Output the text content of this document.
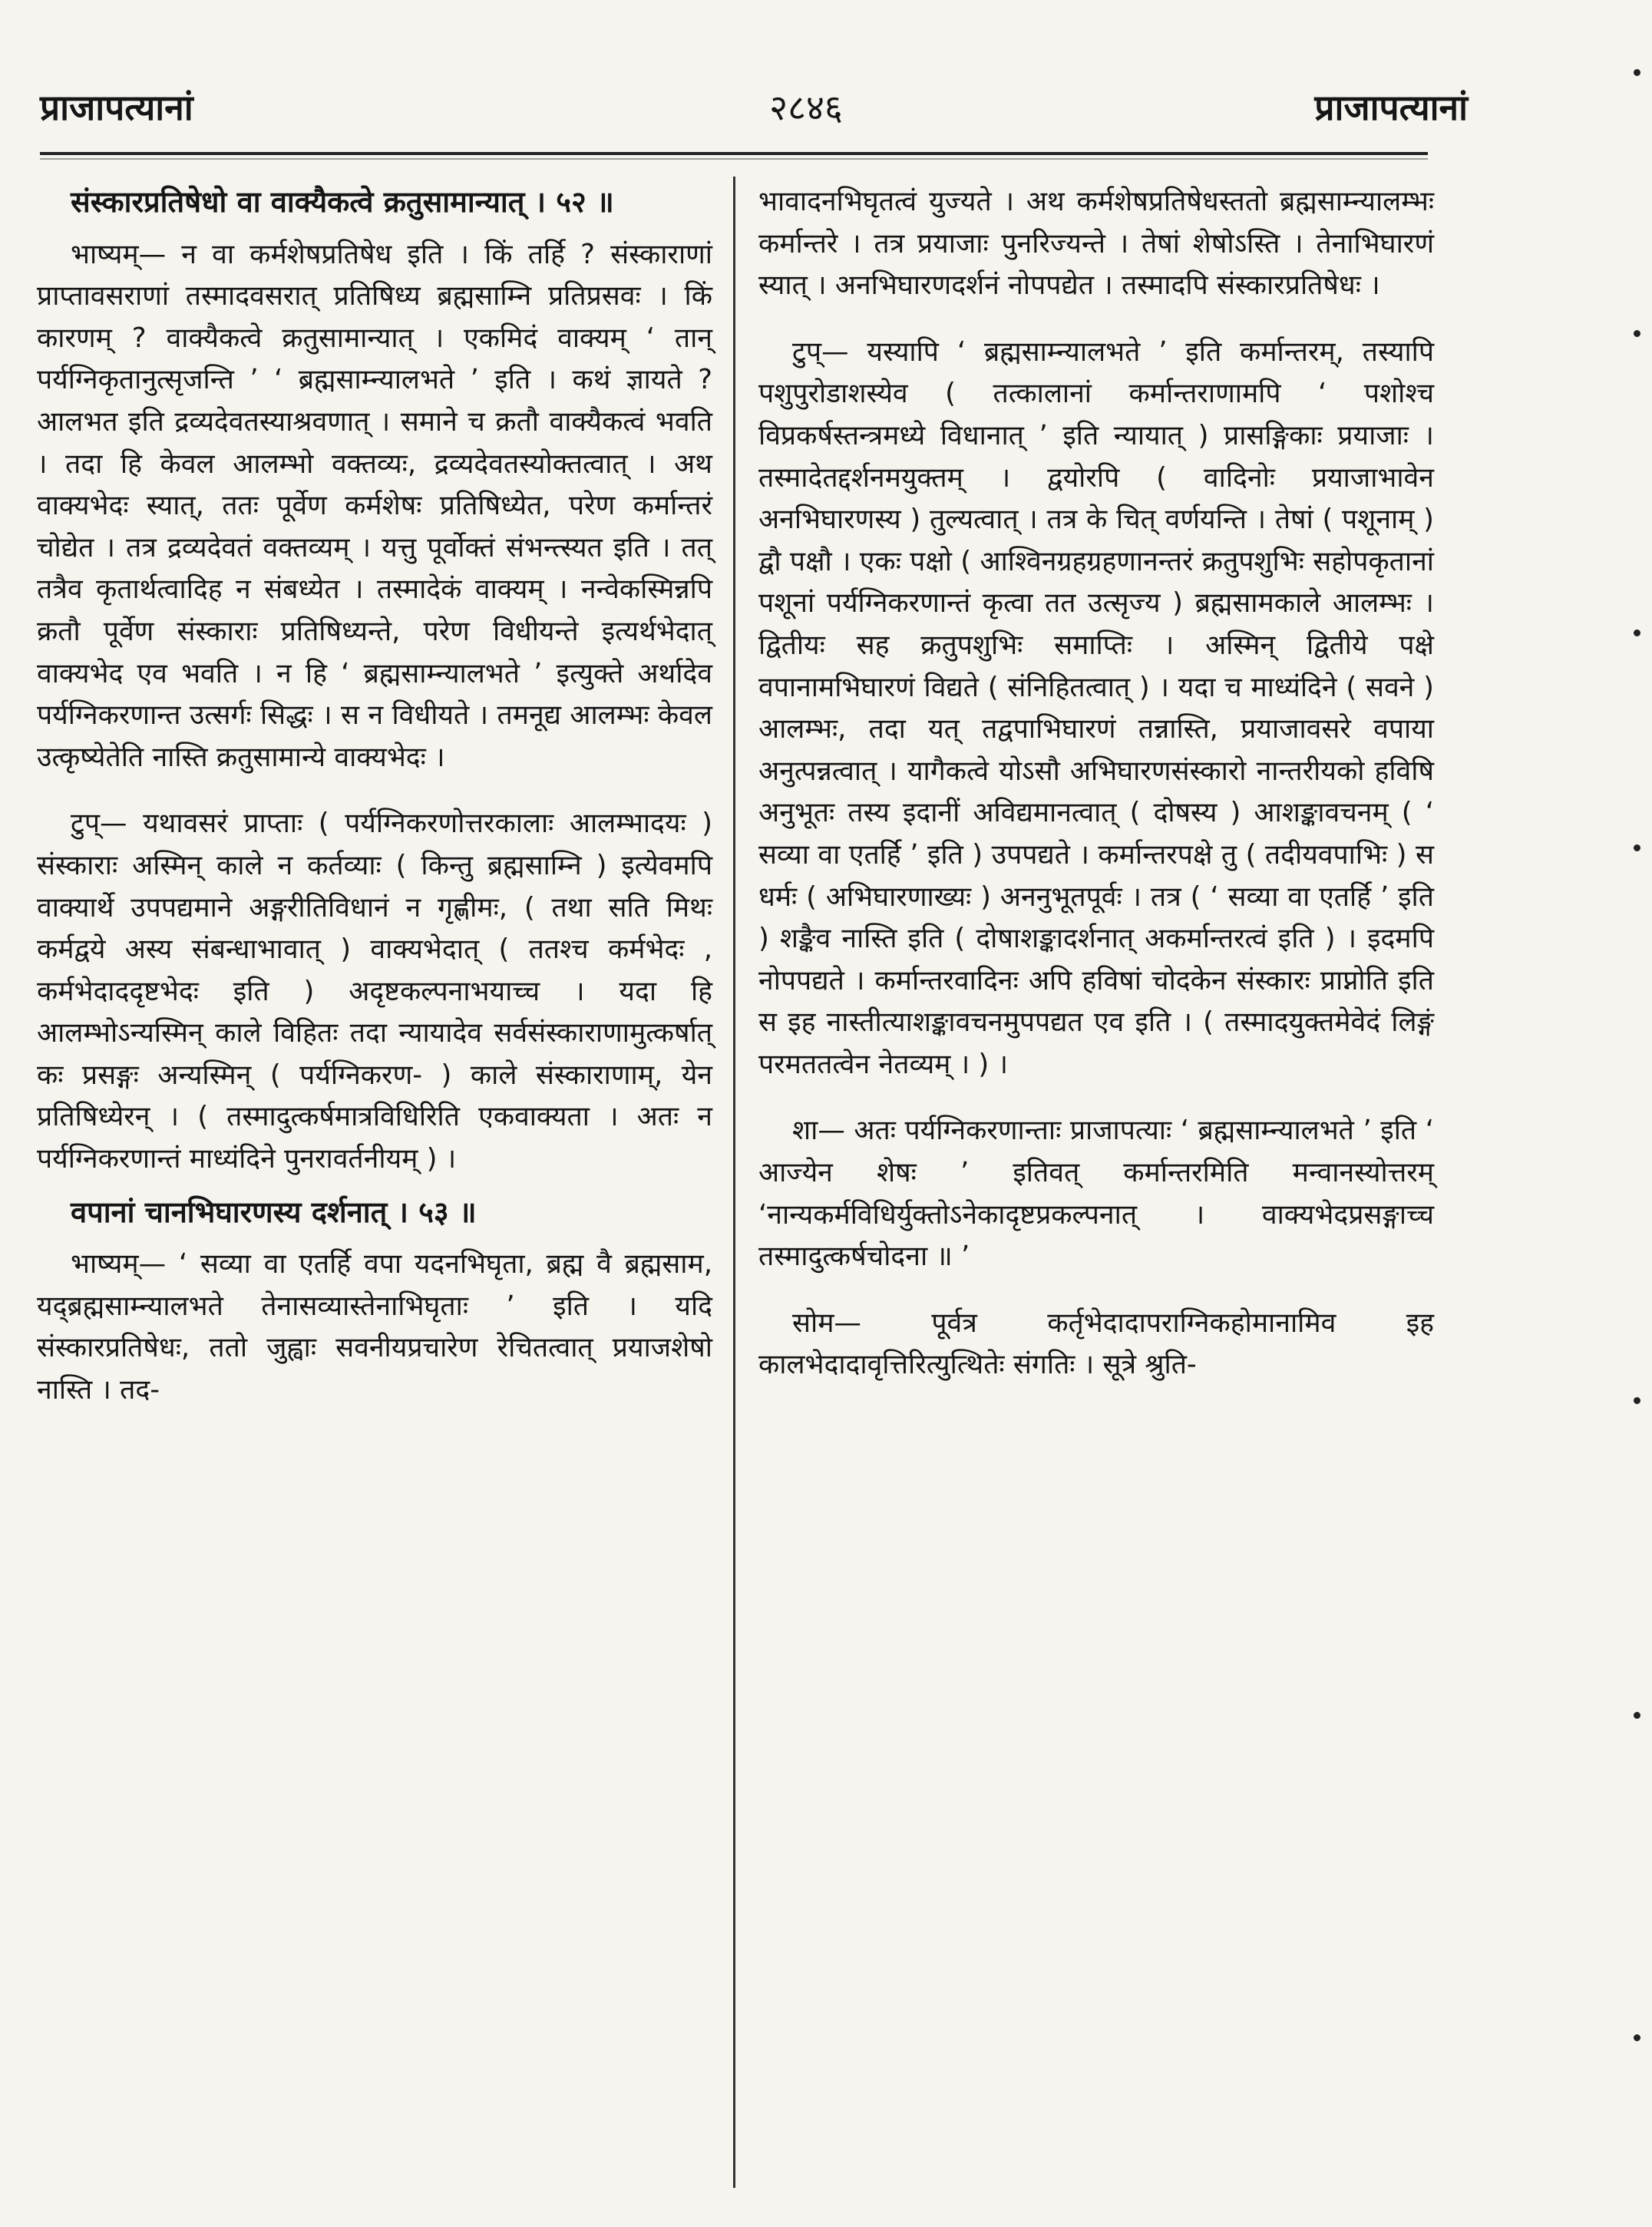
प्राजापत्यानां	२८४६	प्राजापत्यानां
संस्कारप्रतिषेधो वा वाक्यैकत्वे क्रतुसामान्यात् । ५२ ॥
भाष्यम्— न वा कर्मशेषप्रतिषेध इति । किं तर्हि ? संस्काराणां प्राप्तावसराणां तस्मादवसरात् प्रतिषिध्य ब्रह्मसाम्नि प्रतिप्रसवः । किं कारणम् ? वाक्यैकत्वे क्रतुसामान्यात् । एकमिदं वाक्यम् ‘ तान् पर्यग्निकृतानुत्सृजन्ति ’ ‘ ब्रह्मसाम्न्यालभते ’ इति । कथं ज्ञायते ? आलभत इति द्रव्यदेवतस्याश्रवणात् । समाने च क्रतौ वाक्यैकत्वं भवति । तदा हि केवल आलम्भो वक्तव्यः, द्रव्यदेवतस्योक्तत्वात् । अथ वाक्यभेदः स्यात्, ततः पूर्वेण कर्मशेषः प्रतिषिध्येत, परेण कर्मान्तरं चोद्येत । तत्र द्रव्यदेवतं वक्तव्यम् । यत्तु पूर्वोक्तं संभन्त्स्यत इति । तत् तत्रैव कृतार्थत्वादिह न संबध्येत । तस्मादेकं वाक्यम् । नन्वेकस्मिन्नपि क्रतौ पूर्वेण संस्काराः प्रतिषिध्यन्ते, परेण विधीयन्ते इत्यर्थभेदात् वाक्यभेद एव भवति । न हि ‘ ब्रह्मसाम्न्यालभते ’ इत्युक्ते अर्थादेव पर्यग्निकरणान्त उत्सर्गः सिद्धः । स न विधीयते । तमनूद्य आलम्भः केवल उत्कृष्येतेति नास्ति क्रतुसामान्ये वाक्यभेदः ।
टुप्— यथावसरं प्राप्ताः ( पर्यग्निकरणोत्तरकालाः आलम्भादयः ) संस्काराः अस्मिन् काले न कर्तव्याः ( किन्तु ब्रह्मसाम्नि ) इत्येवमपि वाक्यार्थे उपपद्यमाने अङ्गरीतिविधानं न गृह्णीमः, ( तथा सति मिथः कर्मद्वये अस्य संबन्धाभावात् ) वाक्यभेदात् ( ततश्च कर्मभेदः , कर्मभेदाददृष्टभेदः इति ) अदृष्टकल्पनाभयाच्च । यदा हि आलम्भोऽन्यस्मिन् काले विहितः तदा न्यायादेव सर्वसंस्काराणामुत्कर्षात् कः प्रसङ्गः अन्यस्मिन् ( पर्यग्निकरण- ) काले संस्काराणाम्, येन प्रतिषिध्येरन् । ( तस्मादुत्कर्षमात्रविधिरिति एकवाक्यता । अतः न पर्यग्निकरणान्तं माध्यंदिने पुनरावर्तनीयम् ) ।
वपानां चानभिघारणस्य दर्शनात् । ५३ ॥
भाष्यम्— ‘ सव्या वा एतर्हि वपा यदनभिघृता, ब्रह्म वै ब्रह्मसाम, यद्ब्रह्मसाम्न्यालभते तेनासव्यास्तेनाभिघृताः ’ इति । यदि संस्कारप्रतिषेधः, ततो जुह्वाः सवनीयप्रचारेण रेचितत्वात् प्रयाजशेषो नास्ति । तद-
भावादनभिघृतत्वं युज्यते । अथ कर्मशेषप्रतिषेधस्ततो ब्रह्मसाम्न्यालम्भः कर्मान्तरे । तत्र प्रयाजाः पुनरिज्यन्ते । तेषां शेषोऽस्ति । तेनाभिघारणं स्यात् । अनभिघारणदर्शनं नोपपद्येत । तस्मादपि संस्कारप्रतिषेधः ।
टुप्— यस्यापि ‘ ब्रह्मसाम्न्यालभते ’ इति कर्मान्तरम्, तस्यापि पशुपुरोडाशस्येव ( तत्कालानां कर्मान्तराणामपि ‘ पशोश्च विप्रकर्षस्तन्त्रमध्ये विधानात् ’ इति न्यायात् ) प्रासङ्गिकाः प्रयाजाः । तस्मादेतद्दर्शनमयुक्तम् । द्वयोरपि ( वादिनोः प्रयाजाभावेन अनभिघारणस्य ) तुल्यत्वात् । तत्र के चित् वर्णयन्ति । तेषां ( पशूनाम् ) द्वौ पक्षौ । एकः पक्षो ( आश्विनग्रहग्रहणानन्तरं क्रतुपशुभिः सहोपकृतानां पशूनां पर्यग्निकरणान्तं कृत्वा तत उत्सृज्य ) ब्रह्मसामकाले आलम्भः । द्वितीयः सह क्रतुपशुभिः समाप्तिः । अस्मिन् द्वितीये पक्षे वपानामभिघारणं विद्यते ( संनिहितत्वात् ) । यदा च माध्यंदिने ( सवने ) आलम्भः, तदा यत् तद्वपाभिघारणं तन्नास्ति, प्रयाजावसरे वपाया अनुत्पन्नत्वात् । यागैकत्वे योऽसौ अभिघारणसंस्कारो नान्तरीयको हविषि अनुभूतः तस्य इदानीं अविद्यमानत्वात् ( दोषस्य ) आशङ्कावचनम् ( ‘ सव्या वा एतर्हि ’ इति ) उपपद्यते । कर्मान्तरपक्षे तु ( तदीयवपाभिः ) स धर्मः ( अभिघारणाख्यः ) अननुभूतपूर्वः । तत्र ( ‘ सव्या वा एतर्हि ’ इति ) शङ्कैव नास्ति इति ( दोषाशङ्कादर्शनात् अकर्मान्तरत्वं इति ) । इदमपि नोपपद्यते । कर्मान्तरवादिनः अपि हविषां चोदकेन संस्कारः प्राप्नोति इति स इह नास्तीत्याशङ्कावचनमुपपद्यत एव इति । ( तस्मादयुक्तमेवेदं लिङ्गं परमततत्वेन नेतव्यम् । ) ।
शा— अतः पर्यग्निकरणान्ताः प्राजापत्याः ‘ ब्रह्मसाम्न्यालभते ’ इति ‘ आज्येन शेषः ’ इतिवत् कर्मान्तरमिति मन्वानस्योत्तरम् ‘नान्यकर्मविधिर्युक्तोऽनेकादृष्टप्रकल्पनात् । वाक्यभेदप्रसङ्गाच्च तस्मादुत्कर्षचोदना ॥ ’
सोम— पूर्वत्र कर्तृभेदादापराग्निकहोमानामिव इह कालभेदादावृत्तिरित्युत्थितेः संगतिः । सूत्रे श्रुति-
